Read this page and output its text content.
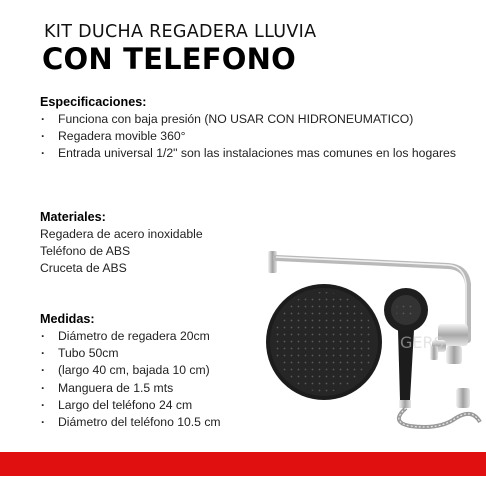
KIT DUCHA REGADERA LLUVIA
CON TELEFONO
Especificaciones:
· Funciona con baja presión (NO USAR CON HIDRONEUMATICO)
· Regadera movible 360°
· Entrada universal 1/2" son las instalaciones mas comunes en los hogares
Materiales:
Regadera de acero inoxidable
Teléfono de ABS
Cruceta de ABS
Medidas:
· Diámetro de regadera 20cm
· Tubo 50cm
· (largo 40 cm, bajada 10 cm)
· Manguera de 1.5 mts
· Largo del teléfono 24 cm
· Diámetro del teléfono 10.5 cm
GERS
